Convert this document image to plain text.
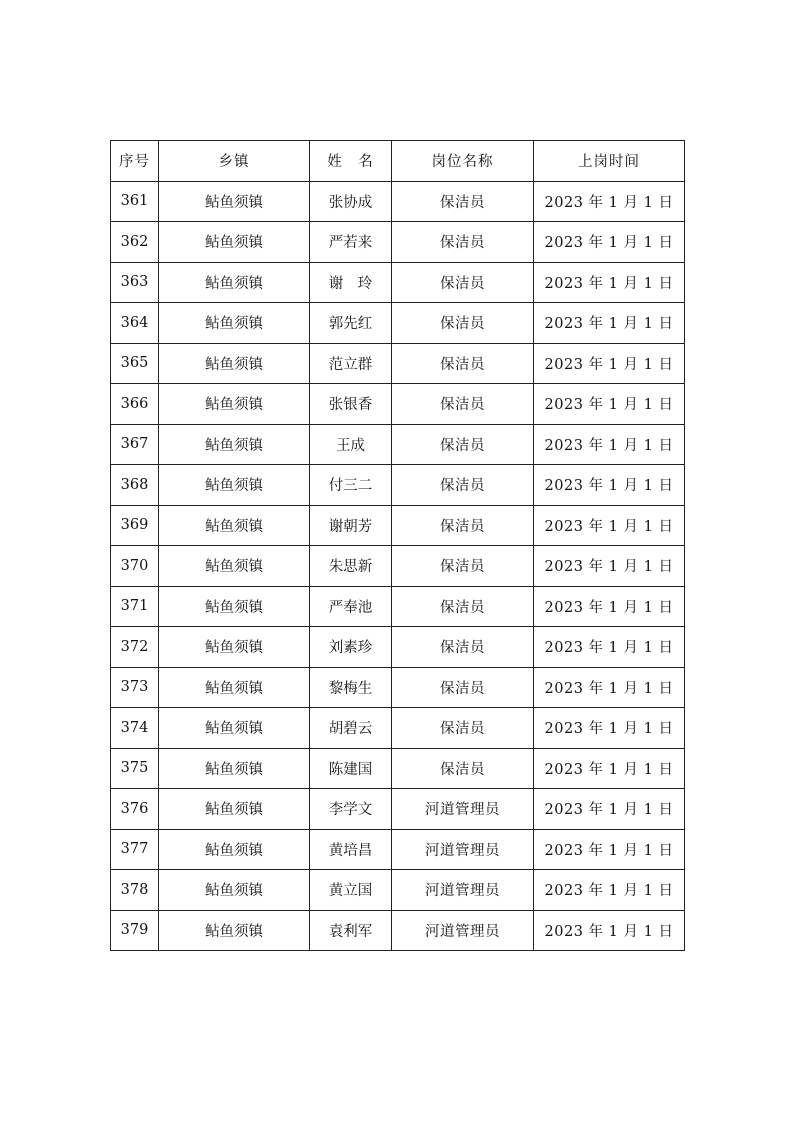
序号	乡镇	姓　名	岗位名称	上岗时间
361	鲇鱼须镇	张协成	保洁员	2023 年 1 月 1 日
362	鲇鱼须镇	严若来	保洁员	2023 年 1 月 1 日
363	鲇鱼须镇	谢　玲	保洁员	2023 年 1 月 1 日
364	鲇鱼须镇	郭先红	保洁员	2023 年 1 月 1 日
365	鲇鱼须镇	范立群	保洁员	2023 年 1 月 1 日
366	鲇鱼须镇	张银香	保洁员	2023 年 1 月 1 日
367	鲇鱼须镇	王成	保洁员	2023 年 1 月 1 日
368	鲇鱼须镇	付三二	保洁员	2023 年 1 月 1 日
369	鲇鱼须镇	谢朝芳	保洁员	2023 年 1 月 1 日
370	鲇鱼须镇	朱思新	保洁员	2023 年 1 月 1 日
371	鲇鱼须镇	严奉池	保洁员	2023 年 1 月 1 日
372	鲇鱼须镇	刘素珍	保洁员	2023 年 1 月 1 日
373	鲇鱼须镇	黎梅生	保洁员	2023 年 1 月 1 日
374	鲇鱼须镇	胡碧云	保洁员	2023 年 1 月 1 日
375	鲇鱼须镇	陈建国	保洁员	2023 年 1 月 1 日
376	鲇鱼须镇	李学文	河道管理员	2023 年 1 月 1 日
377	鲇鱼须镇	黄培昌	河道管理员	2023 年 1 月 1 日
378	鲇鱼须镇	黄立国	河道管理员	2023 年 1 月 1 日
379	鲇鱼须镇	袁利军	河道管理员	2023 年 1 月 1 日
